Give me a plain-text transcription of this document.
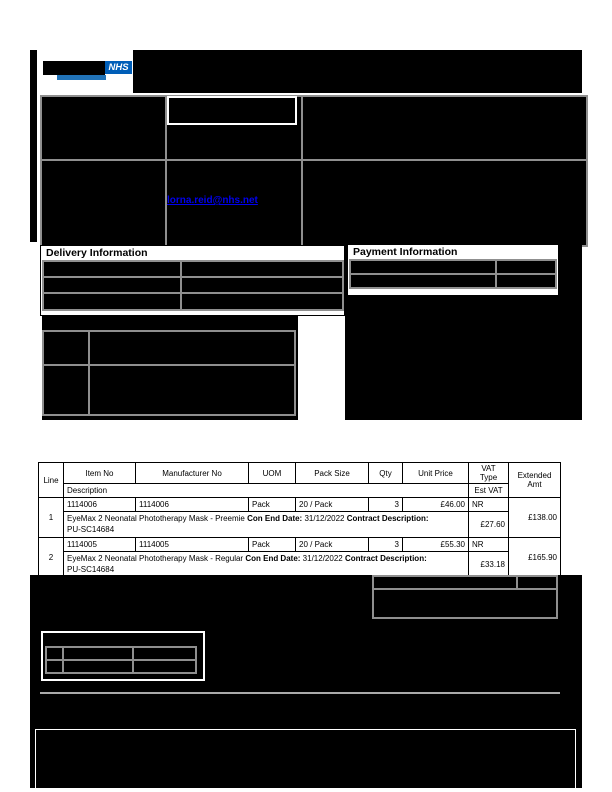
NHS

lorna.reid@nhs.net
Delivery Information

		Payment Information

Line	Item No	Manufacturer No	UOM	Pack Size	Qty	Unit Price	VAT Type	Extended Amt
	Description						Est VAT	
1	1114006	1114006	Pack	20 / Pack	3	£46.00	NR	£138.00
	EyeMax 2 Neonatal Phototherapy Mask - Preemie Con End Date: 31/12/2022 Contract Description:
PU-SC14684						£27.60	
2	1114005	1114005	Pack	20 / Pack	3	£55.30	NR	£165.90
	EyeMax 2 Neonatal Phototherapy Mask - Regular Con End Date: 31/12/2022 Contract Description:
PU-SC14684						£33.18	
